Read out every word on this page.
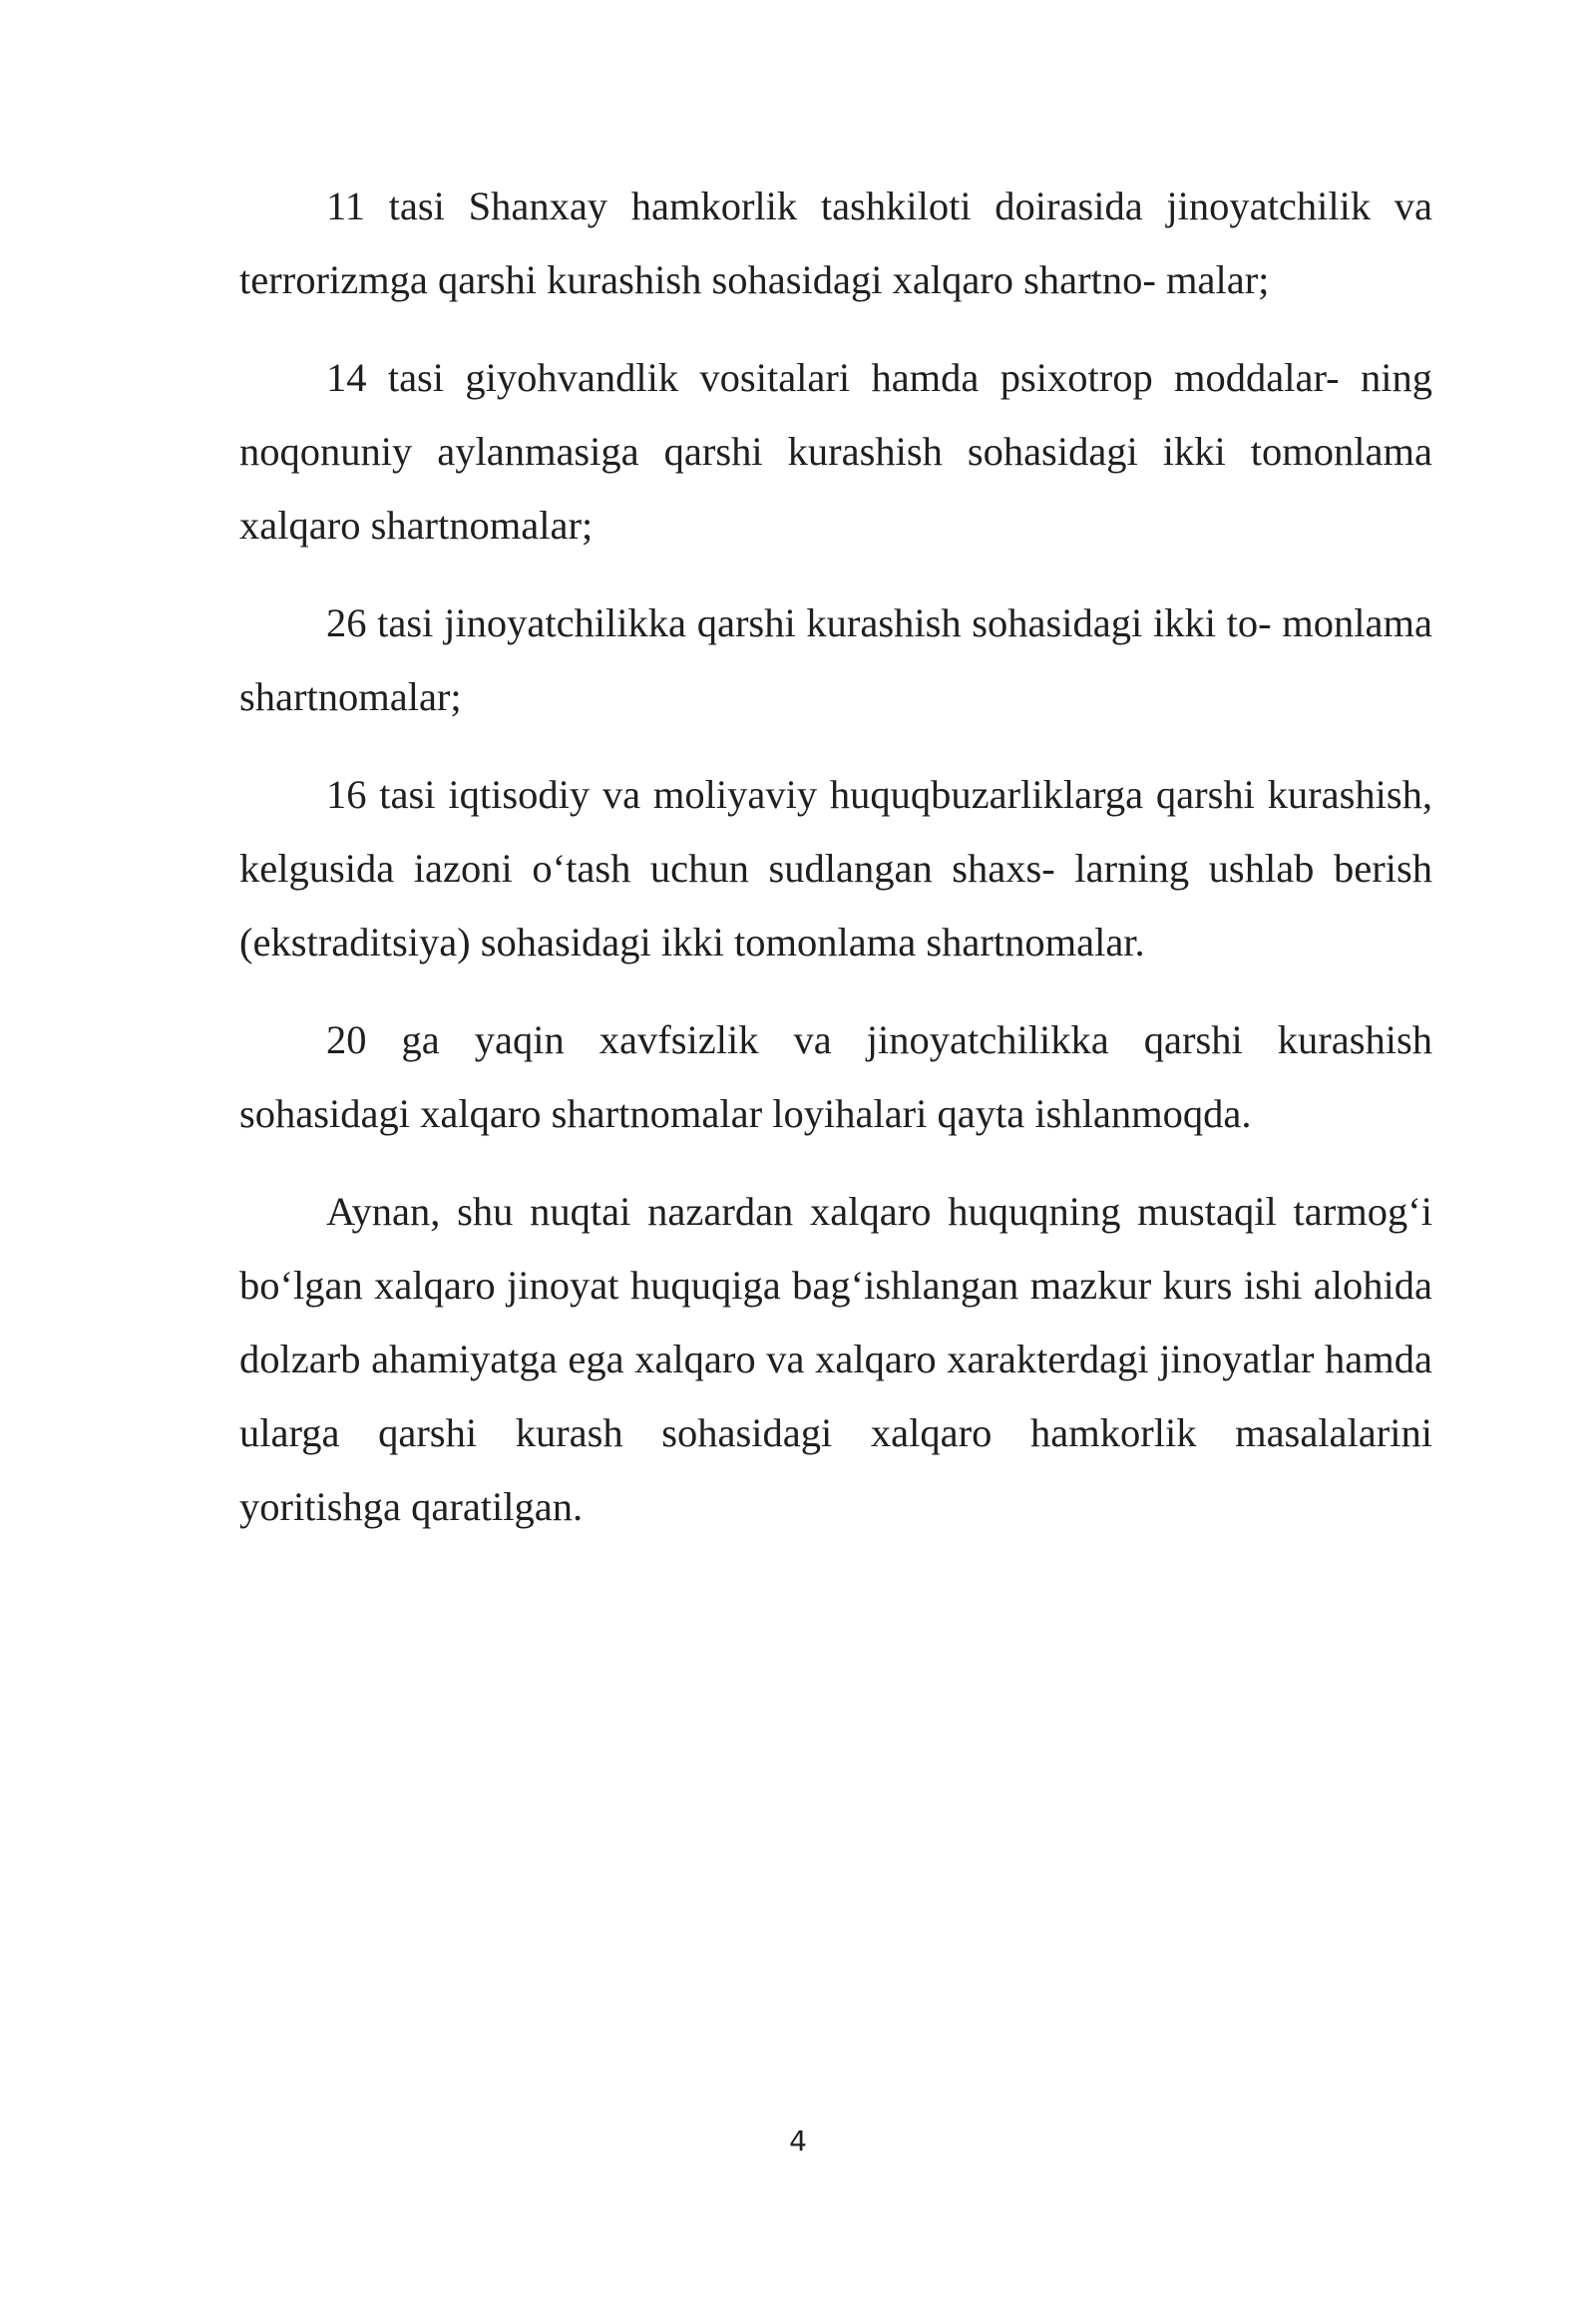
11 tasi Shanxay hamkorlik tashkiloti doirasida jinoyatchilik va terrorizmga qarshi kurashish sohasidagi xalqaro shartno- malar;

14 tasi giyohvandlik vositalari hamda psixotrop moddalar- ning noqonuniy aylanmasiga qarshi kurashish sohasidagi ikki tomonlama xalqaro shartnomalar;

26 tasi jinoyatchilikka qarshi kurashish sohasidagi ikki to- monlama shartnomalar;

16 tasi iqtisodiy va moliyaviy huquqbuzarliklarga qarshi kurashish, kelgusida iazoni oʻtash uchun sudlangan shaxs- larning ushlab berish (ekstraditsiya) sohasidagi ikki tomonlama shartnomalar.

20 ga yaqin xavfsizlik va jinoyatchilikka qarshi kurashish sohasidagi xalqaro shartnomalar loyihalari qayta ishlanmoqda.

Aynan, shu nuqtai nazardan xalqaro huquqning mustaqil tarmogʻi boʻlgan xalqaro jinoyat huquqiga bagʻishlangan mazkur kurs ishi alohida dolzarb ahamiyatga ega xalqaro va xalqaro xarakterdagi jinoyatlar hamda ularga qarshi kurash sohasidagi xalqaro hamkorlik masalalarini yoritishga qaratilgan.

4
